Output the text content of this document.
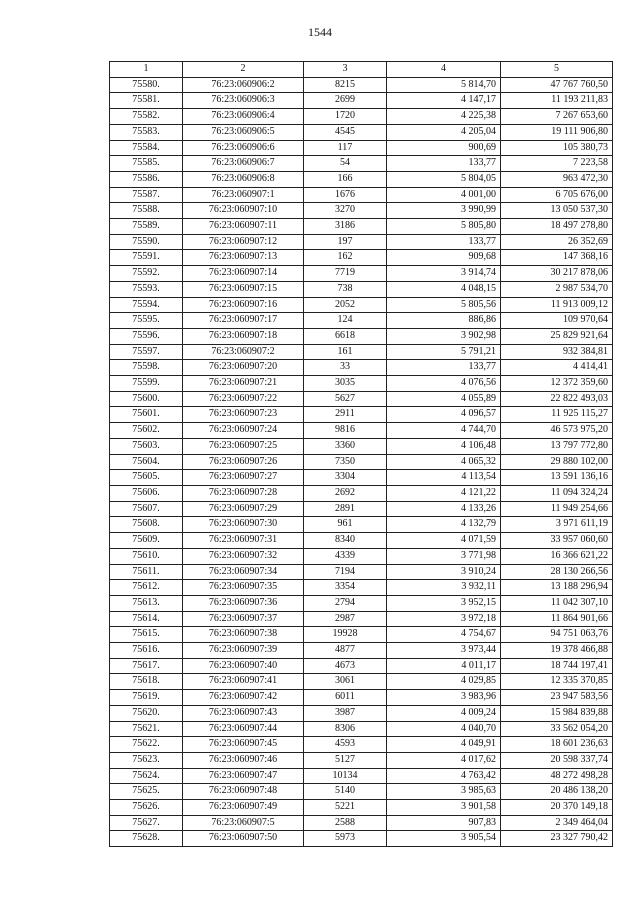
1544
1	2	3	4	5
75580.	76:23:060906:2	8215	5 814,70	47 767 760,50
75581.	76:23:060906:3	2699	4 147,17	11 193 211,83
75582.	76:23:060906:4	1720	4 225,38	7 267 653,60
75583.	76:23:060906:5	4545	4 205,04	19 111 906,80
75584.	76:23:060906:6	117	900,69	105 380,73
75585.	76:23:060906:7	54	133,77	7 223,58
75586.	76:23:060906:8	166	5 804,05	963 472,30
75587.	76:23:060907:1	1676	4 001,00	6 705 676,00
75588.	76:23:060907:10	3270	3 990,99	13 050 537,30
75589.	76:23:060907:11	3186	5 805,80	18 497 278,80
75590.	76:23:060907:12	197	133,77	26 352,69
75591.	76:23:060907:13	162	909,68	147 368,16
75592.	76:23:060907:14	7719	3 914,74	30 217 878,06
75593.	76:23:060907:15	738	4 048,15	2 987 534,70
75594.	76:23:060907:16	2052	5 805,56	11 913 009,12
75595.	76:23:060907:17	124	886,86	109 970,64
75596.	76:23:060907:18	6618	3 902,98	25 829 921,64
75597.	76:23:060907:2	161	5 791,21	932 384,81
75598.	76:23:060907:20	33	133,77	4 414,41
75599.	76:23:060907:21	3035	4 076,56	12 372 359,60
75600.	76:23:060907:22	5627	4 055,89	22 822 493,03
75601.	76:23:060907:23	2911	4 096,57	11 925 115,27
75602.	76:23:060907:24	9816	4 744,70	46 573 975,20
75603.	76:23:060907:25	3360	4 106,48	13 797 772,80
75604.	76:23:060907:26	7350	4 065,32	29 880 102,00
75605.	76:23:060907:27	3304	4 113,54	13 591 136,16
75606.	76:23:060907:28	2692	4 121,22	11 094 324,24
75607.	76:23:060907:29	2891	4 133,26	11 949 254,66
75608.	76:23:060907:30	961	4 132,79	3 971 611,19
75609.	76:23:060907:31	8340	4 071,59	33 957 060,60
75610.	76:23:060907:32	4339	3 771,98	16 366 621,22
75611.	76:23:060907:34	7194	3 910,24	28 130 266,56
75612.	76:23:060907:35	3354	3 932,11	13 188 296,94
75613.	76:23:060907:36	2794	3 952,15	11 042 307,10
75614.	76:23:060907:37	2987	3 972,18	11 864 901,66
75615.	76:23:060907:38	19928	4 754,67	94 751 063,76
75616.	76:23:060907:39	4877	3 973,44	19 378 466,88
75617.	76:23:060907:40	4673	4 011,17	18 744 197,41
75618.	76:23:060907:41	3061	4 029,85	12 335 370,85
75619.	76:23:060907:42	6011	3 983,96	23 947 583,56
75620.	76:23:060907:43	3987	4 009,24	15 984 839,88
75621.	76:23:060907:44	8306	4 040,70	33 562 054,20
75622.	76:23:060907:45	4593	4 049,91	18 601 236,63
75623.	76:23:060907:46	5127	4 017,62	20 598 337,74
75624.	76:23:060907:47	10134	4 763,42	48 272 498,28
75625.	76:23:060907:48	5140	3 985,63	20 486 138,20
75626.	76:23:060907:49	5221	3 901,58	20 370 149,18
75627.	76:23:060907:5	2588	907,83	2 349 464,04
75628.	76:23:060907:50	5973	3 905,54	23 327 790,42
